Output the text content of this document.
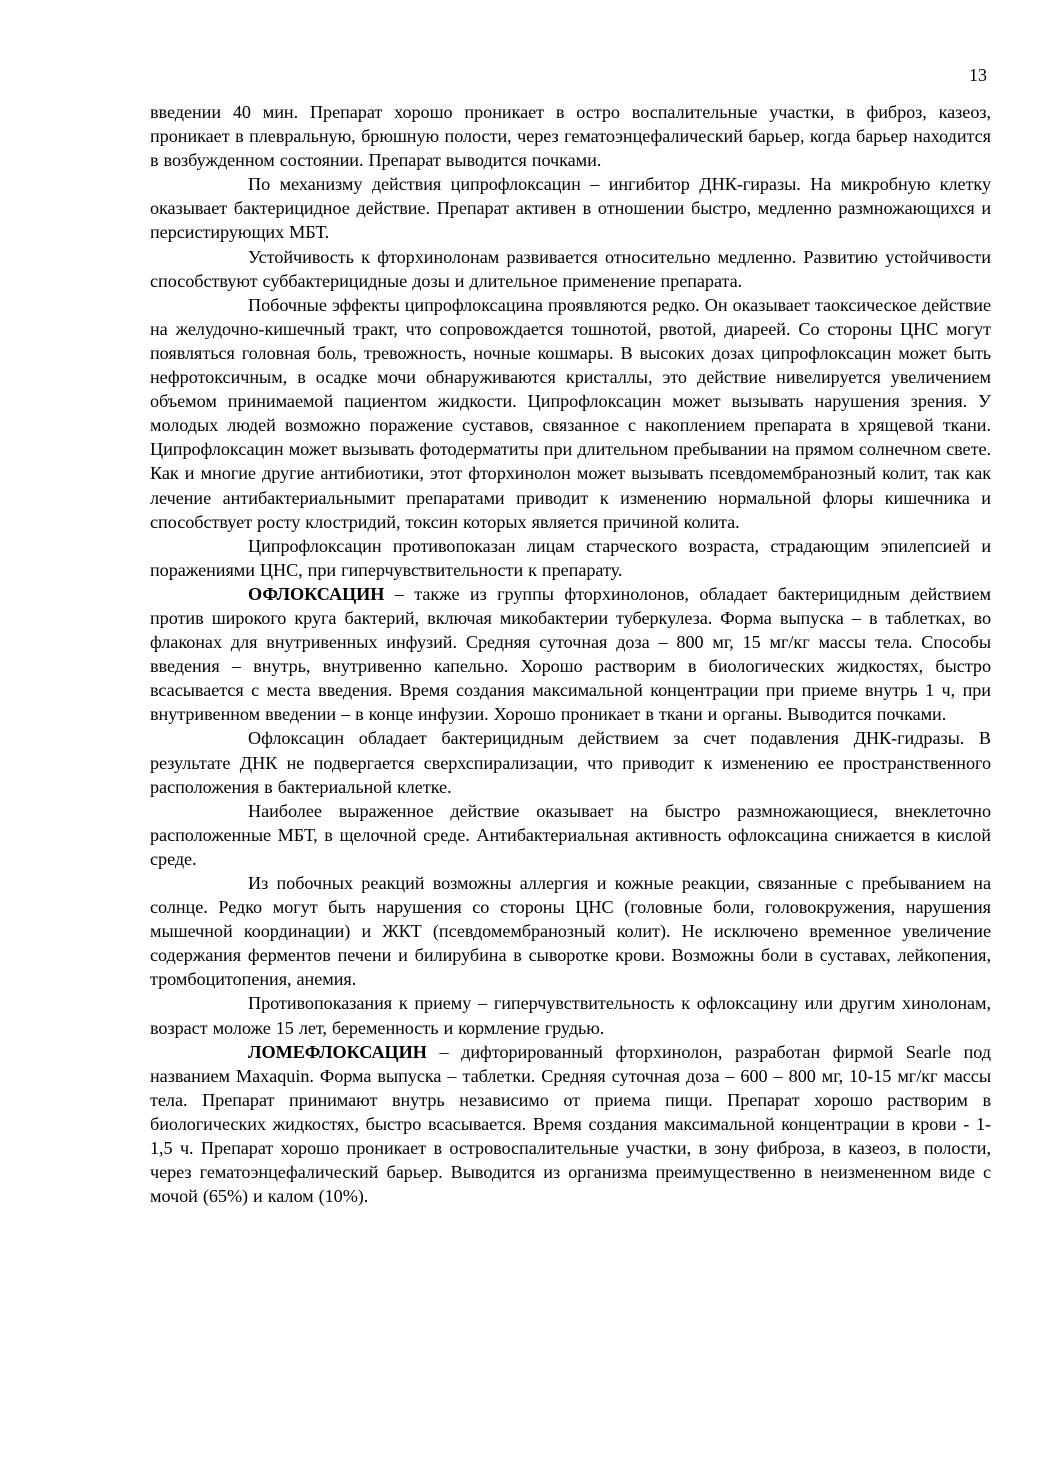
13

введении 40 мин. Препарат хорошо проникает в остро воспалительные участки, в фиброз, казеоз, проникает в плевральную, брюшную полости, через гематоэнцефалический барьер, когда барьер находится в возбужденном состоянии. Препарат выводится почками.

По механизму действия ципрофлоксацин – ингибитор ДНК-гиразы. На микробную клетку оказывает бактерицидное действие. Препарат активен в отношении быстро, медленно размножающихся и персистирующих МБТ.

Устойчивость к фторхинолонам развивается относительно медленно. Развитию устойчивости способствуют суббактерицидные дозы и длительное применение препарата.

Побочные эффекты ципрофлоксацина проявляются редко. Он оказывает таоксическое действие на желудочно-кишечный тракт, что сопровождается тошнотой, рвотой, диареей. Со стороны ЦНС могут появляться головная боль, тревожность, ночные кошмары. В высоких дозах ципрофлоксацин может быть нефротоксичным, в осадке мочи обнаруживаются кристаллы, это действие нивелируется увеличением объемом принимаемой пациентом жидкости. Ципрофлоксацин может вызывать нарушения зрения. У молодых людей возможно поражение суставов, связанное с накоплением препарата в хрящевой ткани. Ципрофлоксацин может вызывать фотодерматиты при длительном пребывании на прямом солнечном свете. Как и многие другие антибиотики, этот фторхинолон может вызывать псевдомембранозный колит, так как лечение антибактериальнымит препаратами приводит к изменению нормальной флоры кишечника и способствует росту клостридий, токсин которых является причиной колита.

Ципрофлоксацин противопоказан лицам старческого возраста, страдающим эпилепсией и поражениями ЦНС, при гиперчувствительности к препарату.

ОФЛОКСАЦИН – также из группы фторхинолонов, обладает бактерицидным действием против широкого круга бактерий, включая микобактерии туберкулеза. Форма выпуска – в таблетках, во флаконах для внутривенных инфузий. Средняя суточная доза – 800 мг, 15 мг/кг массы тела. Способы введения – внутрь, внутривенно капельно. Хорошо растворим в биологических жидкостях, быстро всасывается с места введения. Время создания максимальной концентрации при приеме внутрь 1 ч, при внутривенном введении – в конце инфузии. Хорошо проникает в ткани и органы. Выводится почками.

Офлоксацин обладает бактерицидным действием за счет подавления ДНК-гидразы. В результате ДНК не подвергается сверхспирализации, что приводит к изменению ее пространственного расположения в бактериальной клетке.

Наиболее выраженное действие оказывает на быстро размножающиеся, внеклеточно расположенные МБТ, в щелочной среде. Антибактериальная активность офлоксацина снижается в кислой среде.

Из побочных реакций возможны аллергия и кожные реакции, связанные с пребыванием на солнце. Редко могут быть нарушения со стороны ЦНС (головные боли, головокружения, нарушения мышечной координации) и ЖКТ (псевдомембранозный колит). Не исключено временное увеличение содержания ферментов печени и билирубина в сыворотке крови. Возможны боли в суставах, лейкопения, тромбоцитопения, анемия.

Противопоказания к приему – гиперчувствительность к офлоксацину или другим хинолонам, возраст моложе 15 лет, беременность и кормление грудью.

ЛОМЕФЛОКСАЦИН – дифторированный фторхинолон, разработан фирмой Searle под названием Maxaquin. Форма выпуска – таблетки. Средняя суточная доза – 600 – 800 мг, 10-15 мг/кг массы тела. Препарат принимают внутрь независимо от приема пищи. Препарат хорошо растворим в биологических жидкостях, быстро всасывается. Время создания максимальной концентрации в крови - 1-1,5 ч. Препарат хорошо проникает в островоспалительные участки, в зону фиброза, в казеоз, в полости, через гематоэнцефалический барьер. Выводится из организма преимущественно в неизмененном виде с мочой (65%) и калом (10%).
